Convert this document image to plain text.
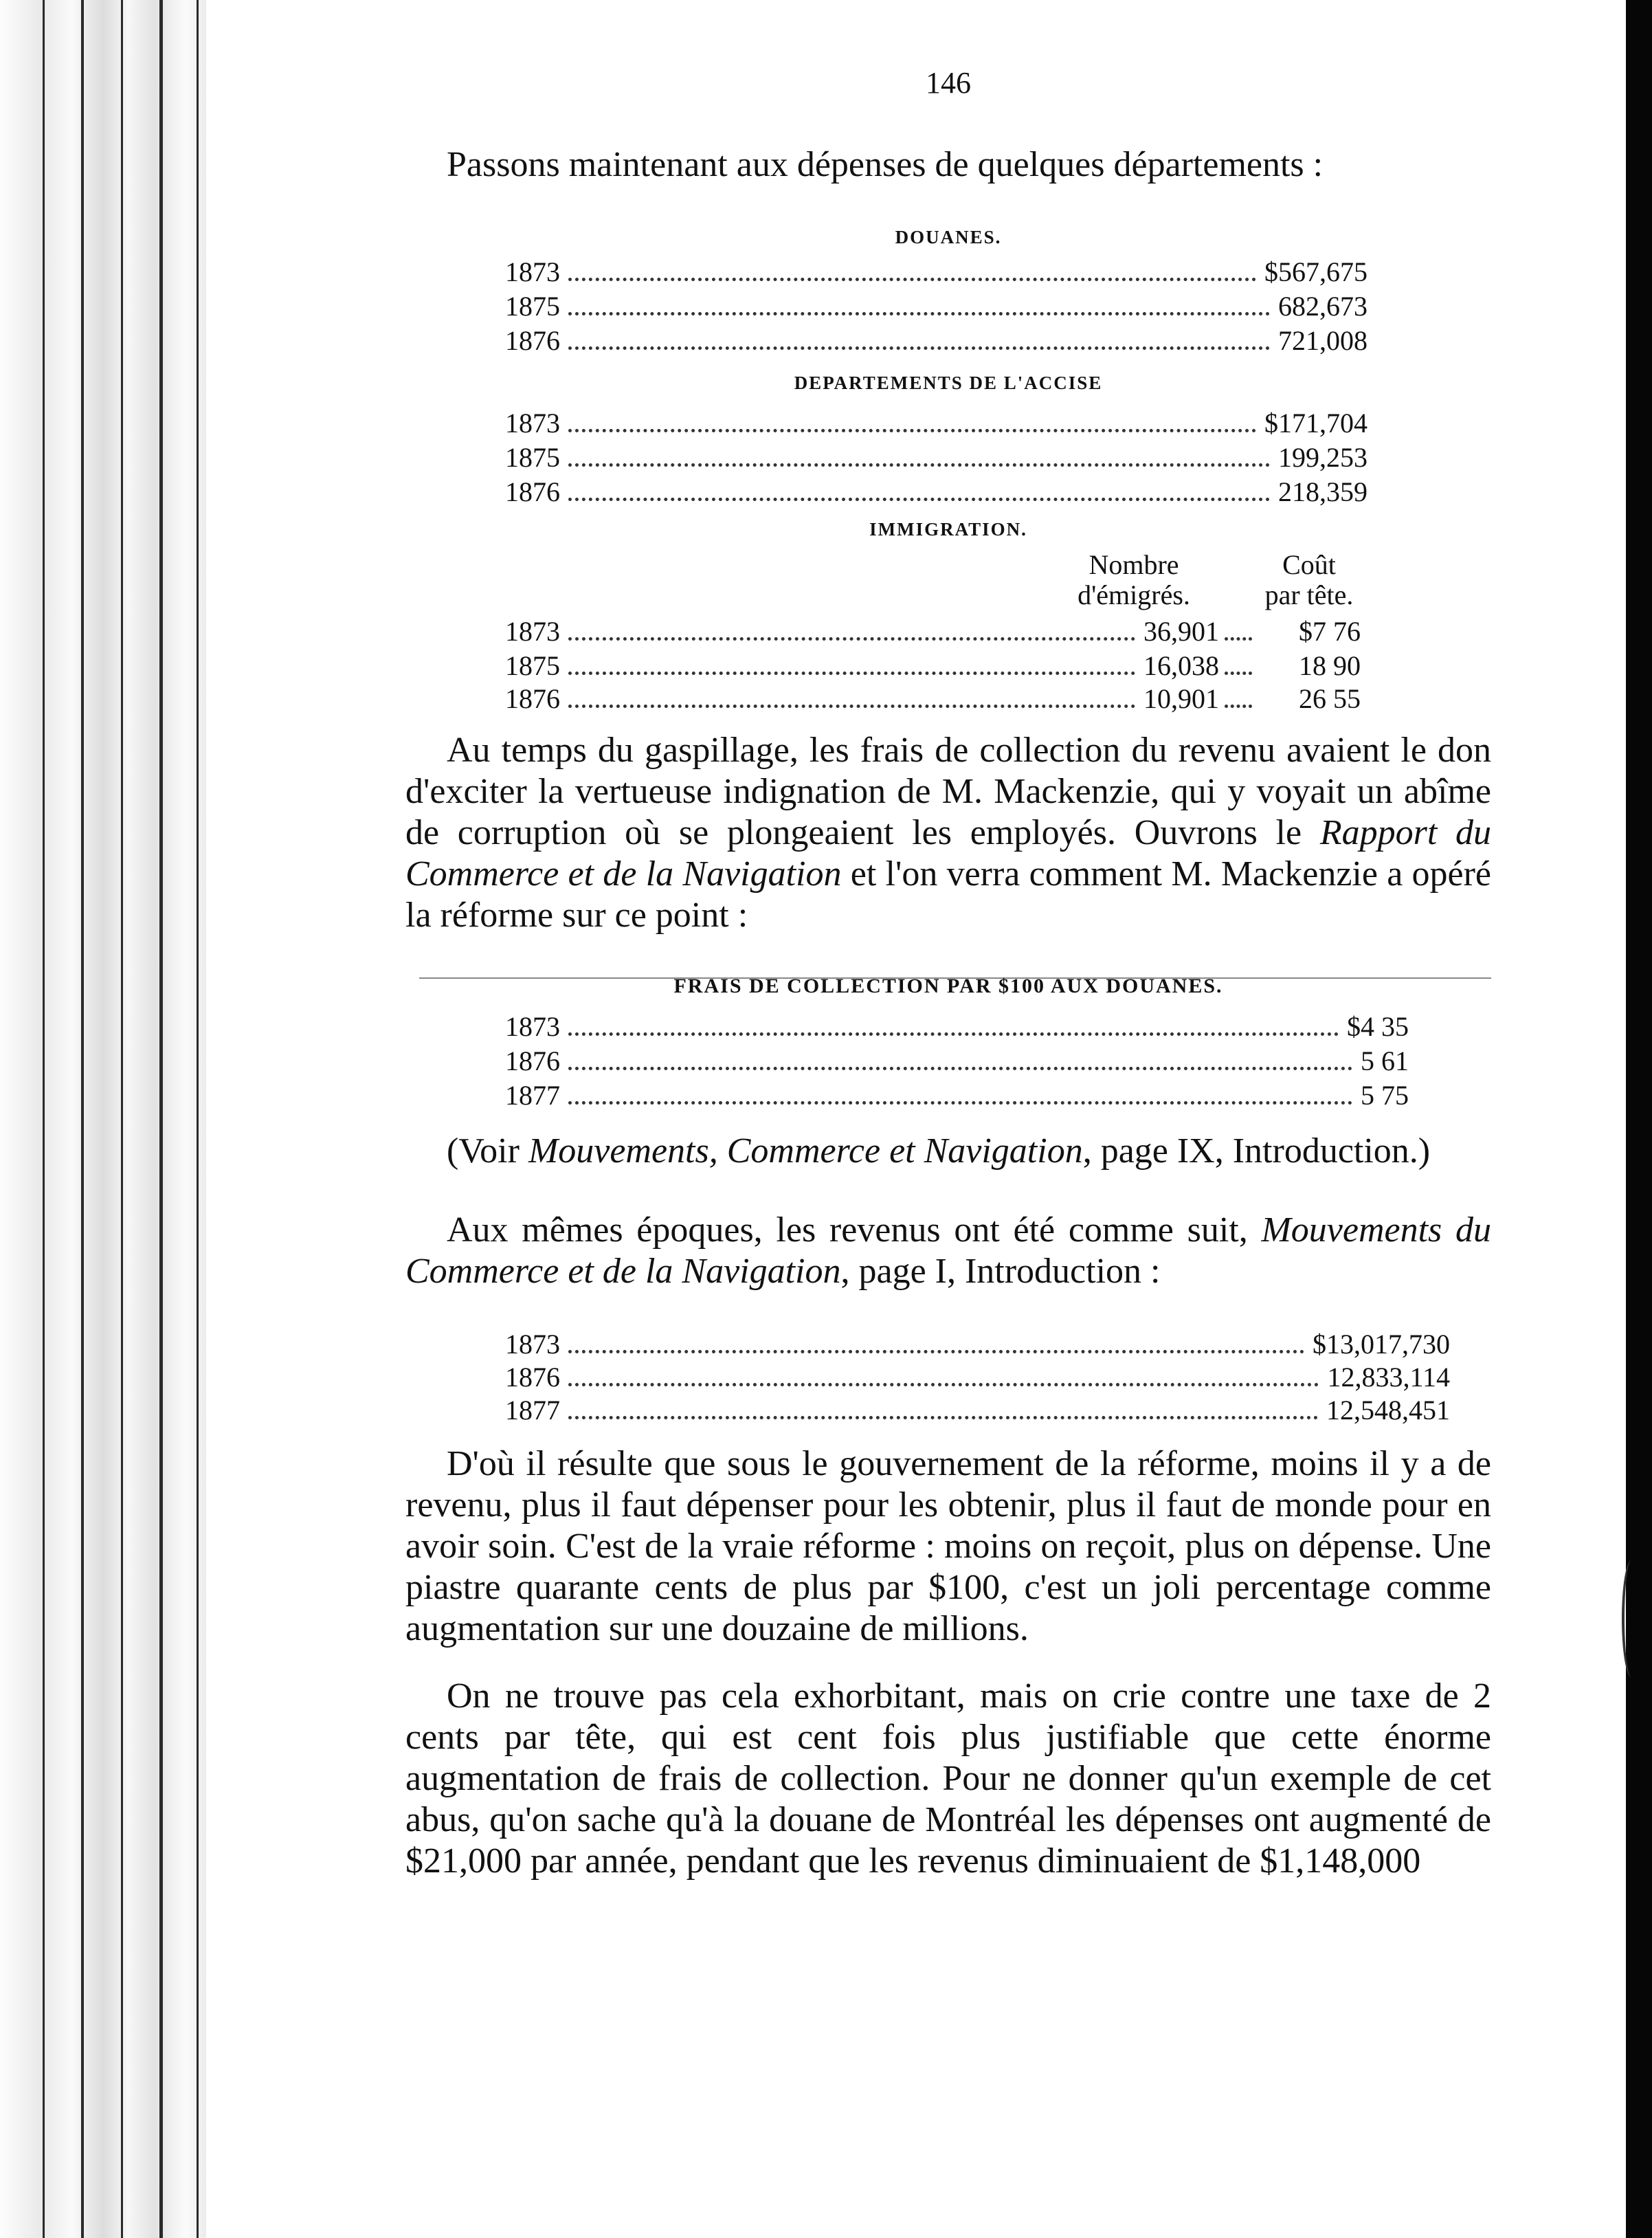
146

Passons maintenant aux dépenses de quelques départements :

DOUANES.
1873	$567,675
1875	682,673
1876	721,008
DEPARTEMENTS DE L'ACCISE
1873	$171,704
1875	199,253
1876	218,359
IMMIGRATION.
Nombre
d'émigrés.
Coût
par tête.
1873	36,901	$7 76
1875	16,038	18 90
1876	10,901	26 55

Au temps du gaspillage, les frais de collection du revenu avaient le don d'exciter la vertueuse indignation de M. Mackenzie, qui y voyait un abîme de corruption où se plongeaient les employés. Ouvrons le Rapport du Commerce et de la Navigation et l'on verra comment M. Mackenzie a opéré la réforme sur ce point :

FRAIS DE COLLECTION PAR $100 AUX DOUANES.
1873	$4 35
1876	5 61
1877	5 75

(Voir Mouvements, Commerce et Navigation, page IX, Introduction.)

Aux mêmes époques, les revenus ont été comme suit, Mouvements du Commerce et de la Navigation, page I, Introduction :

1873	$13,017,730
1876	12,833,114
1877	12,548,451

D'où il résulte que sous le gouvernement de la réforme, moins il y a de revenu, plus il faut dépenser pour les obtenir, plus il faut de monde pour en avoir soin. C'est de la vraie réforme : moins on reçoit, plus on dépense. Une piastre quarante cents de plus par $100, c'est un joli percentage comme augmentation sur une douzaine de millions.

On ne trouve pas cela exhorbitant, mais on crie contre une taxe de 2 cents par tête, qui est cent fois plus justifiable que cette énorme augmentation de frais de collection. Pour ne donner qu'un exemple de cet abus, qu'on sache qu'à la douane de Montréal les dépenses ont augmenté de $21,000 par année, pendant que les revenus diminuaient de $1,148,000
